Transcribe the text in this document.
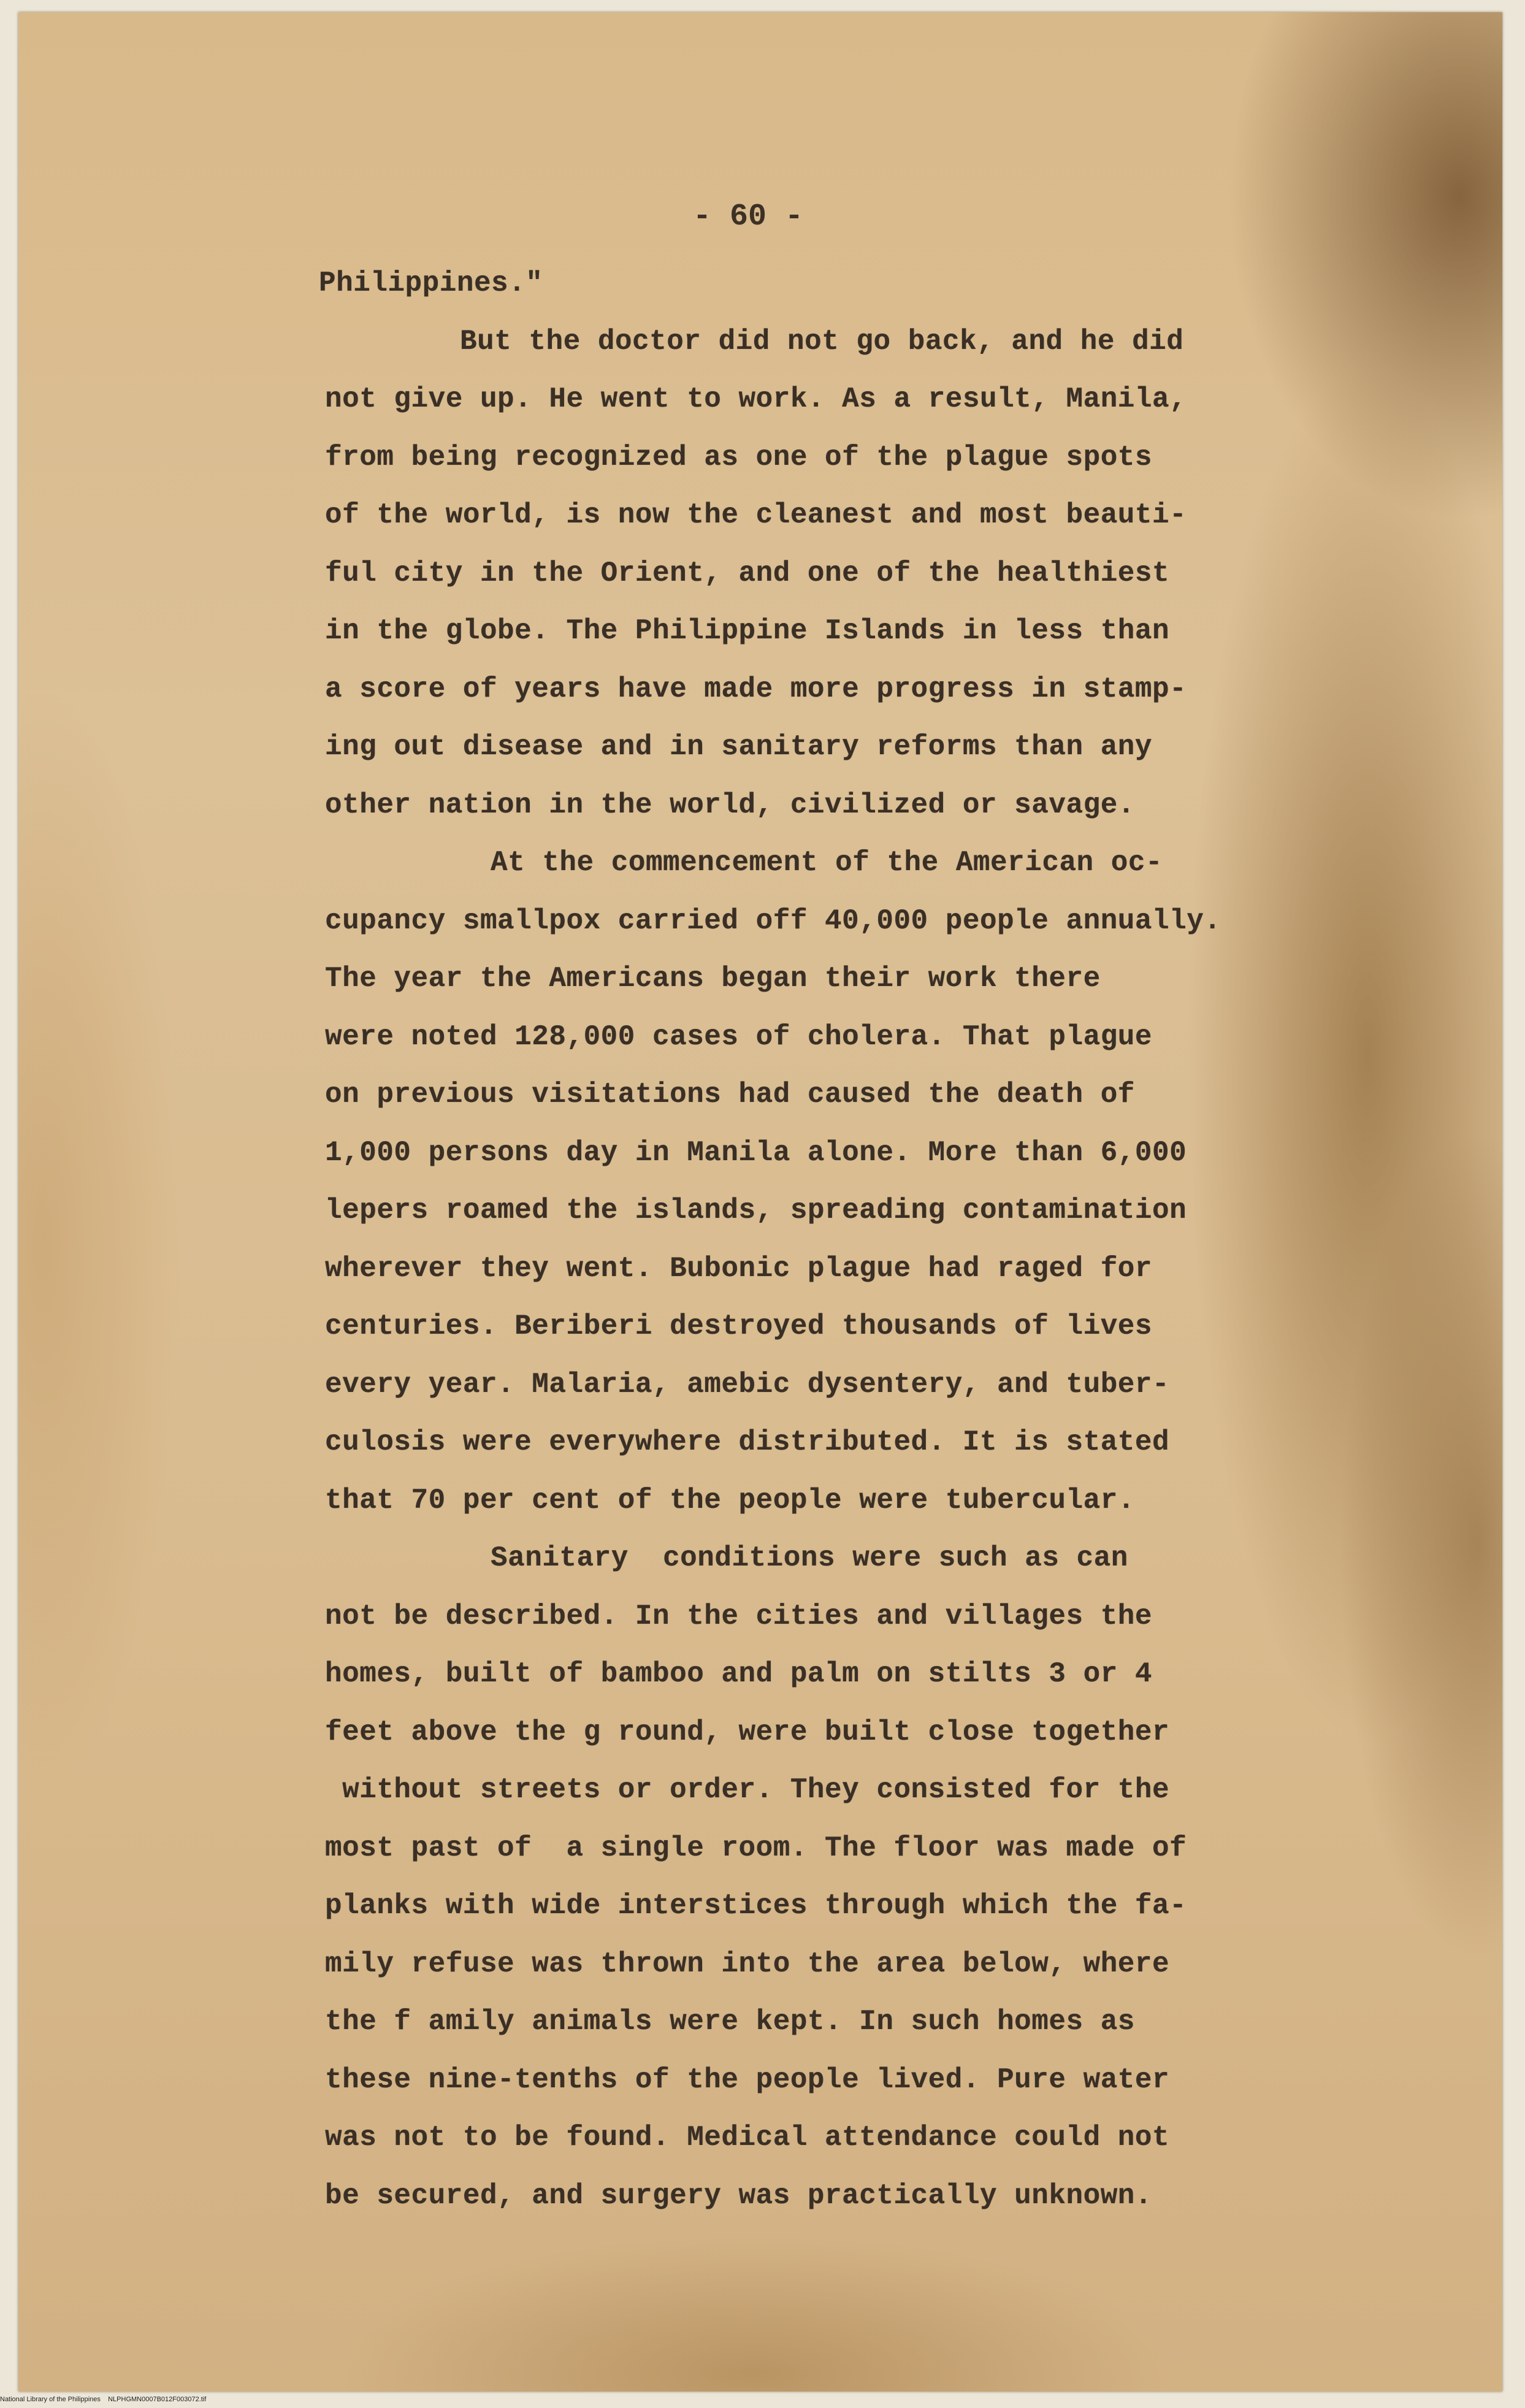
- 60 -
Philippines."
But the doctor did not go back, and he did
not give up. He went to work. As a result, Manila,
from being recognized as one of the plague spots
of the world, is now the cleanest and most beauti-
ful city in the Orient, and one of the healthiest
in the globe. The Philippine Islands in less than
a score of years have made more progress in stamp-
ing out disease and in sanitary reforms than any
other nation in the world, civilized or savage.
At the commencement of the American oc-
cupancy smallpox carried off 40,000 people annually.
The year the Americans began their work there
were noted 128,000 cases of cholera. That plague
on previous visitations had caused the death of
1,000 persons day in Manila alone. More than 6,000
lepers roamed the islands, spreading contamination
wherever they went. Bubonic plague had raged for
centuries. Beriberi destroyed thousands of lives
every year. Malaria, amebic dysentery, and tuber-
culosis were everywhere distributed. It is stated
that 70 per cent of the people were tubercular.
Sanitary  conditions were such as can
not be described. In the cities and villages the
homes, built of bamboo and palm on stilts 3 or 4
feet above the g round, were built close together
without streets or order. They consisted for the
most past of  a single room. The floor was made of
planks with wide interstices through which the fa-
mily refuse was thrown into the area below, where
the f amily animals were kept. In such homes as
these nine-tenths of the people lived. Pure water
was not to be found. Medical attendance could not
be secured, and surgery was practically unknown.
National Library of the Philippines    NLPHGMN0007B012F003072.tif
